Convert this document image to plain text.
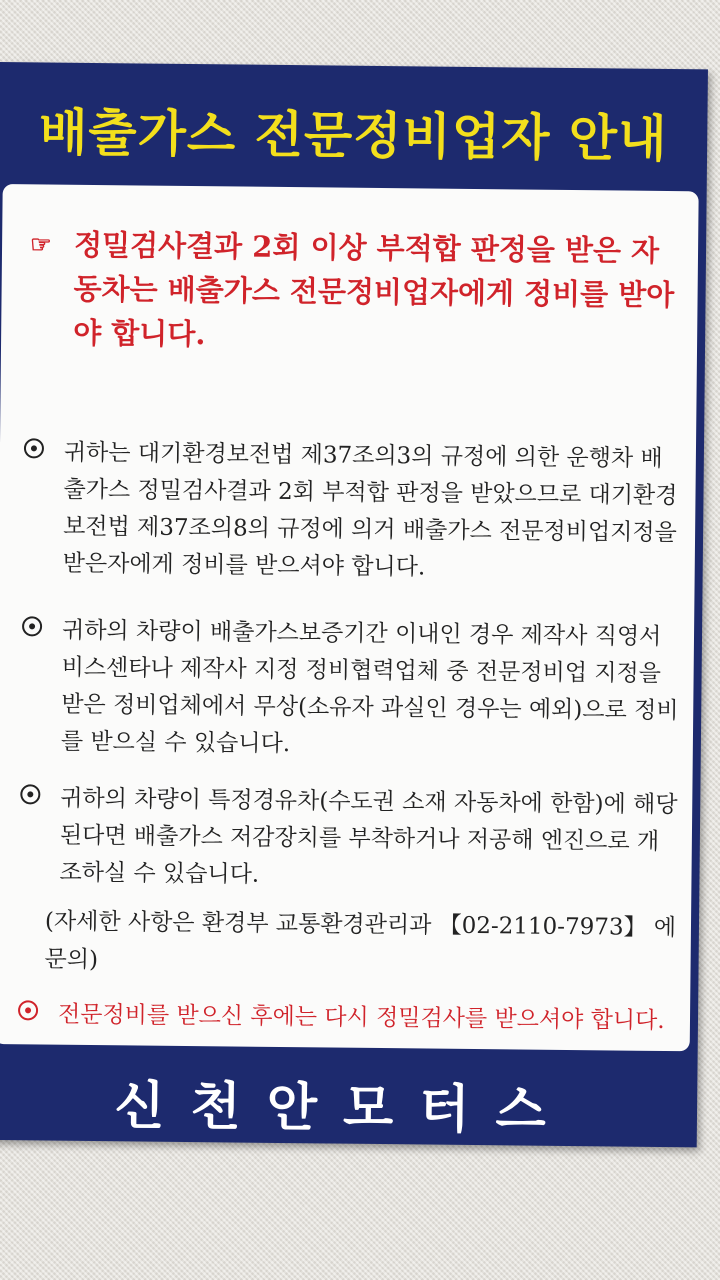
배출가스 전문정비업자 안내
☞ 정밀검사결과 2회 이상 부적합 판정을 받은 자동차는 배출가스 전문정비업자에게 정비를 받아야 합니다.
귀하는 대기환경보전법 제37조의3의 규정에 의한 운행차 배출가스 정밀검사결과 2회 부적합 판정을 받았으므로 대기환경보전법 제37조의8의 규정에 의거 배출가스 전문정비업지정을 받은자에게 정비를 받으셔야 합니다.
귀하의 차량이 배출가스보증기간 이내인 경우 제작사 직영서비스센타나 제작사 지정 정비협력업체 중 전문정비업 지정을 받은 정비업체에서 무상(소유자 과실인 경우는 예외)으로 정비를 받으실 수 있습니다.
귀하의 차량이 특정경유차(수도권 소재 자동차에 한함)에 해당된다면 배출가스 저감장치를 부착하거나 저공해 엔진으로 개조하실 수 있습니다.
(자세한 사항은 환경부 교통환경관리과 【02-2110-7973】 에 문의)
전문정비를 받으신 후에는 다시 정밀검사를 받으셔야 합니다.
신천안모터스
